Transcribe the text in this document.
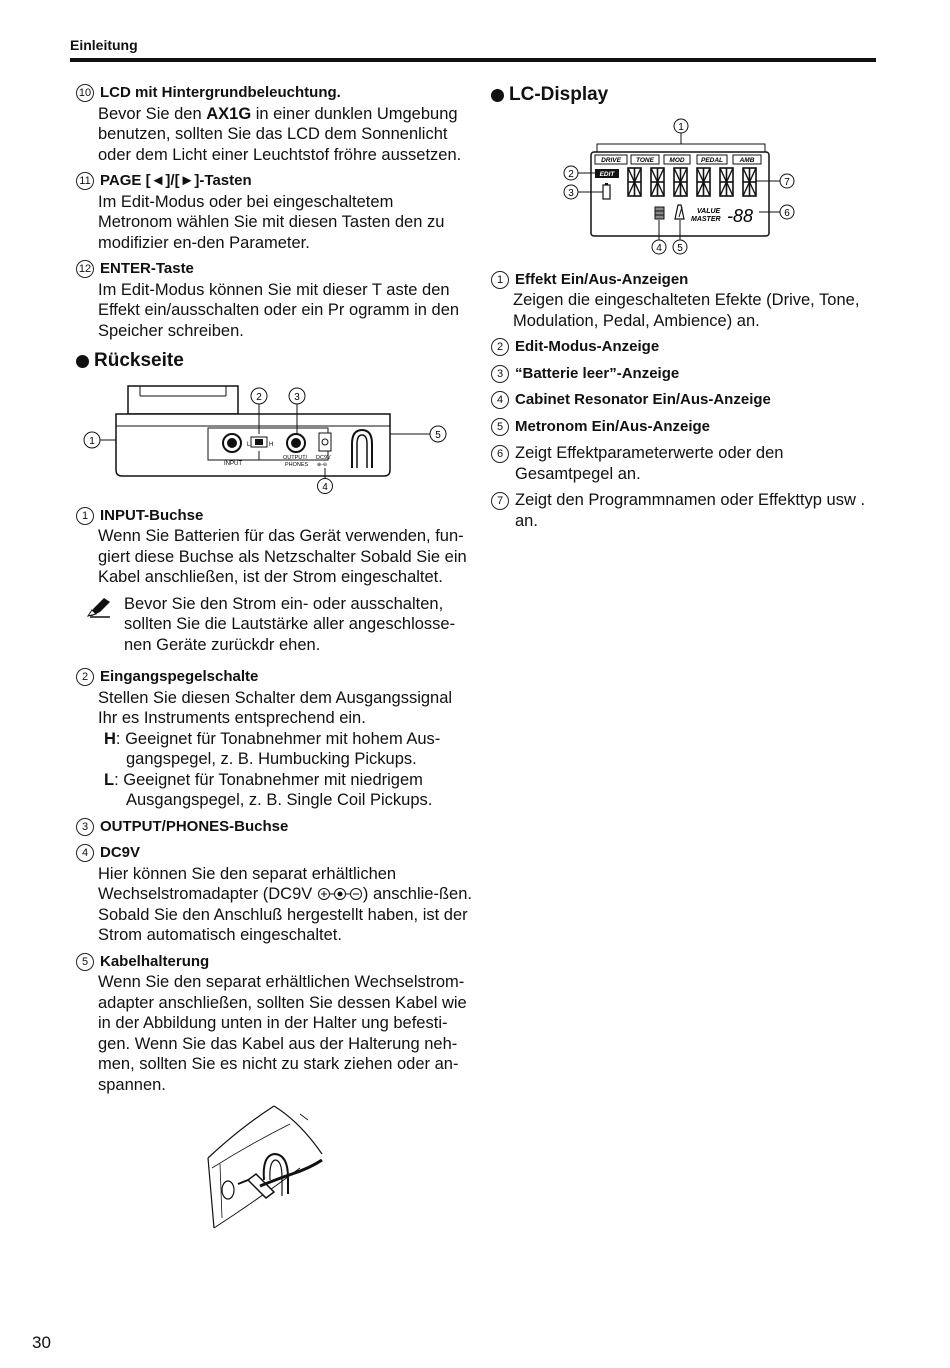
Einleitung
10 LCD mit Hintergrundbeleuchtung.
Bevor Sie den AX1G in einer dunklen Umgebung benutzen, sollten Sie das LCD dem Sonnenlicht oder dem Licht einer Leuchtstof fröhre aussetzen.
11 PAGE [◄]/[►]-Tasten
Im Edit-Modus oder bei eingeschaltetem Metronom wählen Sie mit diesen Tasten den zu modifizier en-den Parameter.
12 ENTER-Taste
Im Edit-Modus können Sie mit dieser T aste den Effekt ein/ausschalten oder ein Pr ogramm in den Speicher schreiben.
Rückseite
L	H
INPUT
OUTPUT/
PHONES
DC9V
⊕-⊖
1
2	3
4
5
1 INPUT-Buchse
Wenn Sie Batterien für das Gerät verwenden, fun-giert diese Buchse als Netzschalter Sobald Sie ein Kabel anschließen, ist der Strom eingeschaltet.
Bevor Sie den Strom ein- oder ausschalten, sollten Sie die Lautstärke aller angeschlosse-nen Geräte zurückdr ehen.
2 Eingangspegelschalte
Stellen Sie diesen Schalter dem Ausgangssignal Ihr es Instruments entsprechend ein.
H: Geeignet für Tonabnehmer mit hohem Aus-gangspegel, z. B. Humbucking Pickups.
L: Geeignet für Tonabnehmer mit niedrigem Ausgangspegel, z. B. Single Coil Pickups.
3 OUTPUT/PHONES-Buchse
4 DC9V
Hier können Sie den separat erhältlichen Wechselstromadapter (DC9V	) anschlie-ßen. Sobald Sie den Anschluß hergestellt haben, ist der Strom automatisch eingeschaltet.
5 Kabelhalterung
Wenn Sie den separat erhältlichen Wechselstrom-adapter anschließen, sollten Sie dessen Kabel wie in der Abbildung unten in der Halter ung befesti-gen. Wenn Sie das Kabel aus der Halterung neh-men, sollten Sie es nicht zu stark ziehen oder an-spannen.
LC-Display
1
DRIVE TONE MOD	PEDAL	AMB
EDIT
VALUE
MASTER -88
2
3
7
6
4 5
1 Effekt Ein/Aus-Anzeigen
Zeigen die eingeschalteten Efekte (Drive, Tone, Modulation, Pedal, Ambience) an.
2 Edit-Modus-Anzeige
3 “Batterie leer”-Anzeige
4 Cabinet Resonator Ein/Aus-Anzeige
5 Metronom Ein/Aus-Anzeige
6 Zeigt Effektparameterwerte oder den Gesamtpegel an.
7 Zeigt den Programmnamen oder Effekttyp usw . an.
30
